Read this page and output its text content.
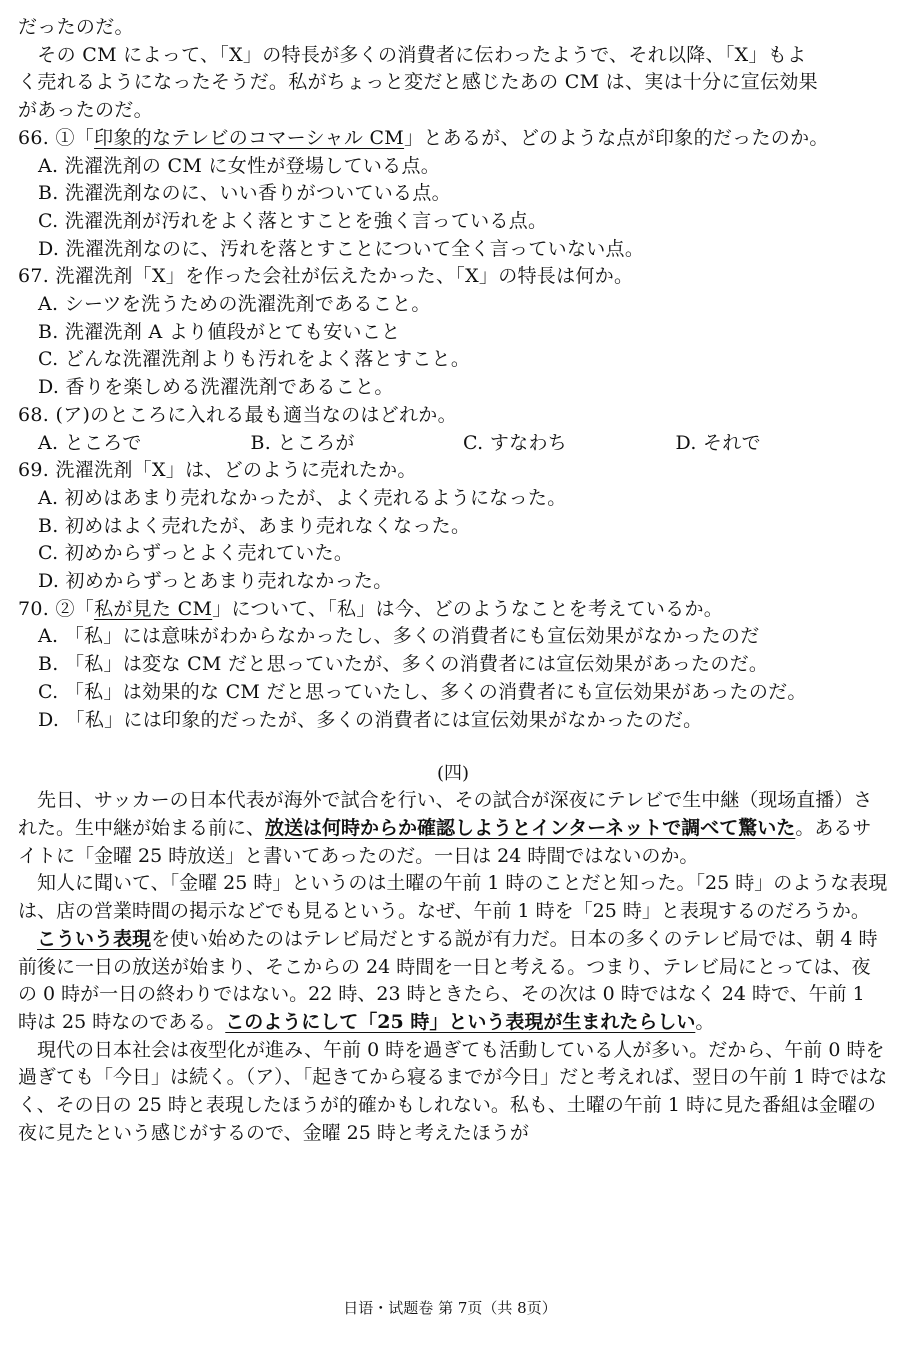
だったのだ。
　その CM によって、「X」の特長が多くの消費者に伝わったようで、それ以降、「X」もよ
く売れるようになったそうだ。私がちょっと変だと感じたあの CM は、実は十分に宣伝効果
があったのだ。
66. ①「印象的なテレビのコマーシャル CM」とあるが、どのような点が印象的だったのか。
A. 洗濯洗剤の CM に女性が登場している点。
B. 洗濯洗剤なのに、いい香りがついている点。
C. 洗濯洗剤が汚れをよく落とすことを強く言っている点。
D. 洗濯洗剤なのに、汚れを落とすことについて全く言っていない点。
67. 洗濯洗剤「X」を作った会社が伝えたかった、「X」の特長は何か。
A. シーツを洗うための洗濯洗剤であること。
B. 洗濯洗剤 A より値段がとても安いこと
C. どんな洗濯洗剤よりも汚れをよく落とすこと。
D. 香りを楽しめる洗濯洗剤であること。
68. (ア)のところに入れる最も適当なのはどれか。
A. ところで	B. ところが	C. すなわち	D. それで
69. 洗濯洗剤「X」は、どのように売れたか。
A. 初めはあまり売れなかったが、よく売れるようになった。
B. 初めはよく売れたが、あまり売れなくなった。
C. 初めからずっとよく売れていた。
D. 初めからずっとあまり売れなかった。
70. ②「私が見た CM」について、「私」は今、どのようなことを考えているか。
A. 「私」には意味がわからなかったし、多くの消費者にも宣伝効果がなかったのだ
B. 「私」は変な CM だと思っていたが、多くの消費者には宣伝効果があったのだ。
C. 「私」は効果的な CM だと思っていたし、多くの消費者にも宣伝効果があったのだ。
D. 「私」には印象的だったが、多くの消費者には宣伝効果がなかったのだ。
(四)
　先日、サッカーの日本代表が海外で試合を行い、その試合が深夜にテレビで生中継（现场直播）された。生中継が始まる前に、放送は何時からか確認しようとインターネットで調べて驚いた。あるサイトに「金曜 25 時放送」と書いてあったのだ。一日は 24 時間ではないのか。
　知人に聞いて、「金曜 25 時」というのは土曜の午前 1 時のことだと知った。「25 時」のような表現は、店の営業時間の掲示などでも見るという。なぜ、午前 1 時を「25 時」と表現するのだろうか。
　こういう表現を使い始めたのはテレビ局だとする説が有力だ。日本の多くのテレビ局では、朝 4 時前後に一日の放送が始まり、そこからの 24 時間を一日と考える。つまり、テレビ局にとっては、夜の 0 時が一日の終わりではない。22 時、23 時ときたら、その次は 0 時ではなく 24 時で、午前 1 時は 25 時なのである。このようにして「25 時」という表現が生まれたらしい。
　現代の日本社会は夜型化が進み、午前 0 時を過ぎても活動している人が多い。だから、午前 0 時を過ぎても「今日」は続く。（ア）、「起きてから寝るまでが今日」だと考えれば、翌日の午前 1 時ではなく、その日の 25 時と表現したほうが的確かもしれない。私も、土曜の午前 1 時に見た番組は金曜の夜に見たという感じがするので、金曜 25 時と考えたほうが
日语・试题卷 第 7页（共 8页）
